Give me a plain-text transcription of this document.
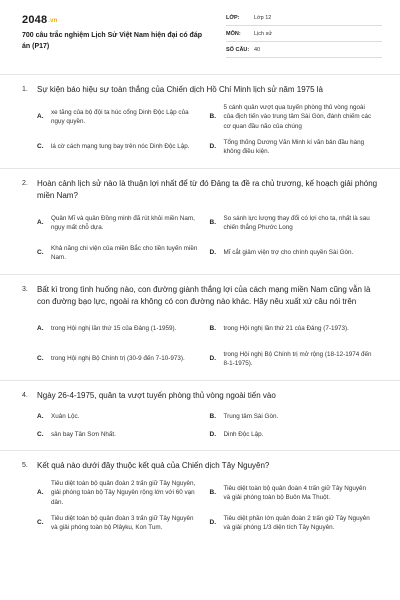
2048.vn
700 câu trắc nghiệm Lịch Sử Việt Nam hiện đại có đáp án (P17)
LỚP:	Lớp 12
MÔN:	Lịch sử
SỐ CÂU: 40
1. Sự kiện báo hiệu sự toàn thắng của Chiến dịch Hồ Chí Minh lịch sử năm 1975 là
A.
xe tăng của bộ đội ta húc cổng Dinh Độc Lập của ngụy quyền.
B.
5 cánh quân vượt qua tuyến phòng thủ vòng ngoài của địch tiến vào trung tâm Sài Gòn, đánh chiếm các cơ quan đầu não của chúng
C.	lá cờ cách mạng tung bay trên nóc Dinh Độc Lập.	D.
Tổng thống Dương Văn Minh kí văn bản đầu hàng không điều kiện.
2. Hoàn cảnh lịch sử nào là thuận lợi nhất để từ đó Đảng ta đề ra chủ trương, kế hoạch giải phóng miền Nam?
A.
Quân Mĩ và quân Đồng minh đã rút khỏi miền Nam, ngụy mất chỗ dựa.
B.
So sánh lực lượng thay đổi có lợi cho ta, nhất là sau chiến thắng Phước Long
C.
Khả năng chi viện của miền Bắc cho tiền tuyến miền Nam.
D.	Mĩ cắt giảm viện trợ cho chính quyền Sài Gòn.
3. Bất kì trong tình huống nào, con đường giành thắng lợi của cách mạng miền Nam cũng vẫn là con đường bạo lực, ngoài ra không có con đường nào khác. Hãy nêu xuất xứ câu nói trên
A.	trong Hội nghị lần thứ 15 của Đảng (1-1959).	B.	trong Hội nghị lần thứ 21 của Đảng (7-1973).
C.	trong Hội nghị Bộ Chính trị (30-9 đến 7-10-973).	D.
trong Hội nghị Bộ Chính trị mở rộng (18-12-1974 đến 8-1-1975).
4. Ngày 26-4-1975, quân ta vượt tuyến phòng thủ vòng ngoài tiến vào
A.	Xuân Lộc.	B.	Trung tâm Sài Gòn.
C.	sân bay Tân Sơn Nhất.	D.	Dinh Độc Lập.
5. Kết quả nào dưới đây thuộc kết quả của Chiến dịch Tây Nguyên?
A.
Tiêu diệt toàn bộ quân đoàn 2 trấn giữ Tây Nguyên, giải phóng toàn bộ Tây Nguyên rộng lớn với 60 vạn dân.
B.
Tiêu diệt toàn bộ quân đoàn 4 trấn giữ Tây Nguyên và giải phóng toàn bộ Buôn Ma Thuột.
C.
Tiêu diệt toàn bộ quân đoàn 3 trấn giữ Tây Nguyên và giải phóng toàn bộ Plâyku, Kon Tum.
D.
Tiêu diệt phần lớn quân đoàn 2 trấn giữ Tây Nguyên và giải phóng 1/3 diện tích Tây Nguyên.
